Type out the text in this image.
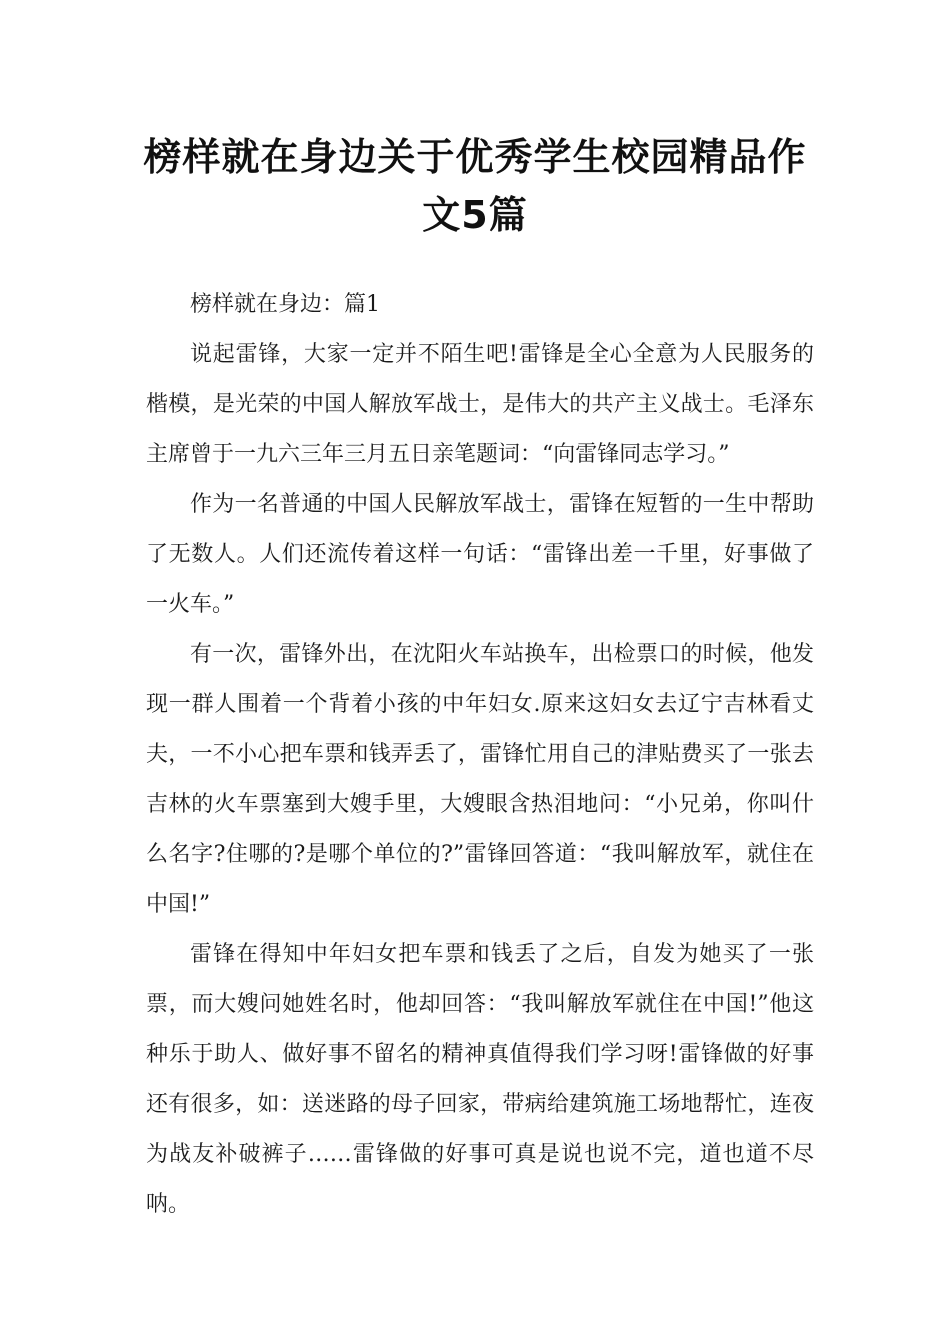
榜样就在身边关于优秀学生校园精品作
文5篇

榜样就在身边：篇1

说起雷锋，大家一定并不陌生吧!雷锋是全心全意为人民服务的楷模，是光荣的中国人解放军战士，是伟大的共产主义战士。毛泽东主席曾于一九六三年三月五日亲笔题词：“向雷锋同志学习。”

作为一名普通的中国人民解放军战士，雷锋在短暂的一生中帮助了无数人。人们还流传着这样一句话：“雷锋出差一千里，好事做了一火车。”

有一次，雷锋外出，在沈阳火车站换车，出检票口的时候，他发现一群人围着一个背着小孩的中年妇女.原来这妇女去辽宁吉林看丈夫，一不小心把车票和钱弄丢了，雷锋忙用自己的津贴费买了一张去吉林的火车票塞到大嫂手里，大嫂眼含热泪地问：“小兄弟，你叫什么名字?住哪的?是哪个单位的?”雷锋回答道：“我叫解放军，就住在中国!”

雷锋在得知中年妇女把车票和钱丢了之后，自发为她买了一张票，而大嫂问她姓名时，他却回答：“我叫解放军就住在中国!”他这种乐于助人、做好事不留名的精神真值得我们学习呀!雷锋做的好事还有很多，如：送迷路的母子回家，带病给建筑施工场地帮忙，连夜为战友补破裤子……雷锋做的好事可真是说也说不完，道也道不尽呐。
